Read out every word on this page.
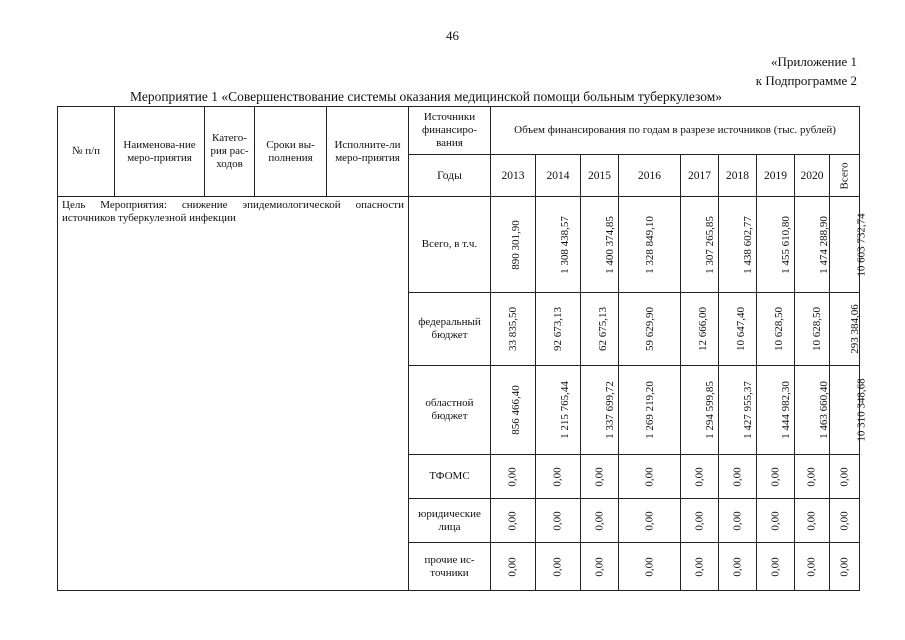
46
«Приложение 1
к Подпрограмме 2
Мероприятие 1 «Совершенствование системы оказания медицинской помощи больным туберкулезом»
№ п/п	Наименова-ние меро-приятия	Катего-рия рас-ходов	Сроки вы-полнения	Исполните-ли меро-приятия	Источники финансиро-вания	Объем финансирования по годам в разрезе источников (тыс. рублей)								
					Годы	2013	2014	2015	2016	2017	2018	2019	2020	Всего
Цель Мероприятия: снижение эпидемиологической опасности источников туберкулезной инфекции					Всего, в т.ч.	890 301,90	1 308 438,57	1 400 374,85	1 328 849,10	1 307 265,85	1 438 602,77	1 455 610,80	1 474 288,90	10 603 732,74
					федеральный бюджет	33 835,50	92 673,13	62 675,13	59 629,90	12 666,00	10 647,40	10 628,50	10 628,50	293 384,06
					областной бюджет	856 466,40	1 215 765,44	1 337 699,72	1 269 219,20	1 294 599,85	1 427 955,37	1 444 982,30	1 463 660,40	10 310 348,68
					ТФОМС	0,00	0,00	0,00	0,00	0,00	0,00	0,00	0,00	0,00
					юридические лица	0,00	0,00	0,00	0,00	0,00	0,00	0,00	0,00	0,00
					прочие ис-точники	0,00	0,00	0,00	0,00	0,00	0,00	0,00	0,00	0,00
